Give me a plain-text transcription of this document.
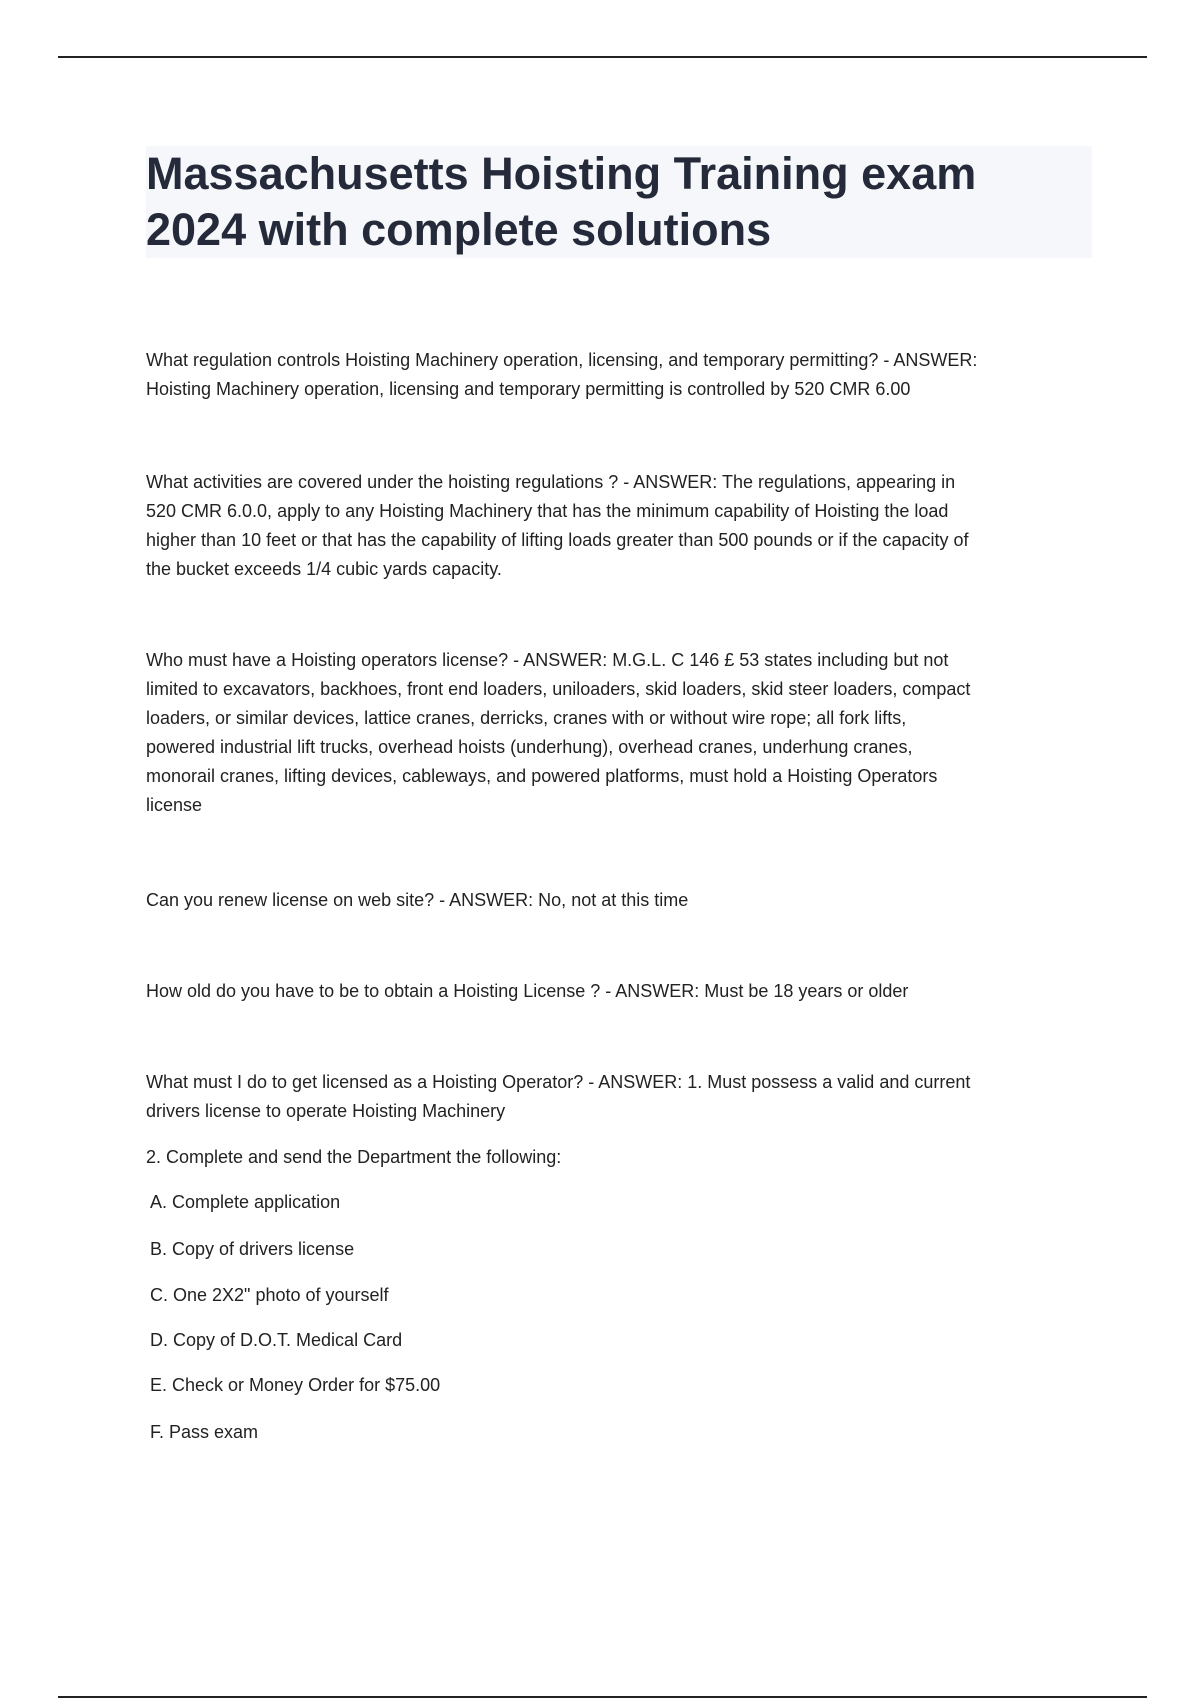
Massachusetts Hoisting Training exam
2024 with complete solutions
What regulation controls Hoisting Machinery operation, licensing, and temporary permitting? - ANSWER:
Hoisting Machinery operation, licensing and temporary permitting is controlled by 520 CMR 6.00
What activities are covered under the hoisting regulations ? - ANSWER: The regulations, appearing in
520 CMR 6.0.0, apply to any Hoisting Machinery that has the minimum capability of Hoisting the load
higher than 10 feet or that has the capability of lifting loads greater than 500 pounds or if the capacity of
the bucket exceeds 1/4 cubic yards capacity.
Who must have a Hoisting operators license? - ANSWER: M.G.L. C 146 £ 53 states including but not
limited to excavators, backhoes, front end loaders, uniloaders, skid loaders, skid steer loaders, compact
loaders, or similar devices, lattice cranes, derricks, cranes with or without wire rope; all fork lifts,
powered industrial lift trucks, overhead hoists (underhung), overhead cranes, underhung cranes,
monorail cranes, lifting devices, cableways, and powered platforms, must hold a Hoisting Operators
license
Can you renew license on web site? - ANSWER: No, not at this time
How old do you have to be to obtain a Hoisting License ? - ANSWER: Must be 18 years or older
What must I do to get licensed as a Hoisting Operator? - ANSWER: 1. Must possess a valid and current
drivers license to operate Hoisting Machinery
2. Complete and send the Department the following:
A. Complete application
B. Copy of drivers license
C. One 2X2" photo of yourself
D. Copy of D.O.T. Medical Card
E. Check or Money Order for $75.00
F. Pass exam
